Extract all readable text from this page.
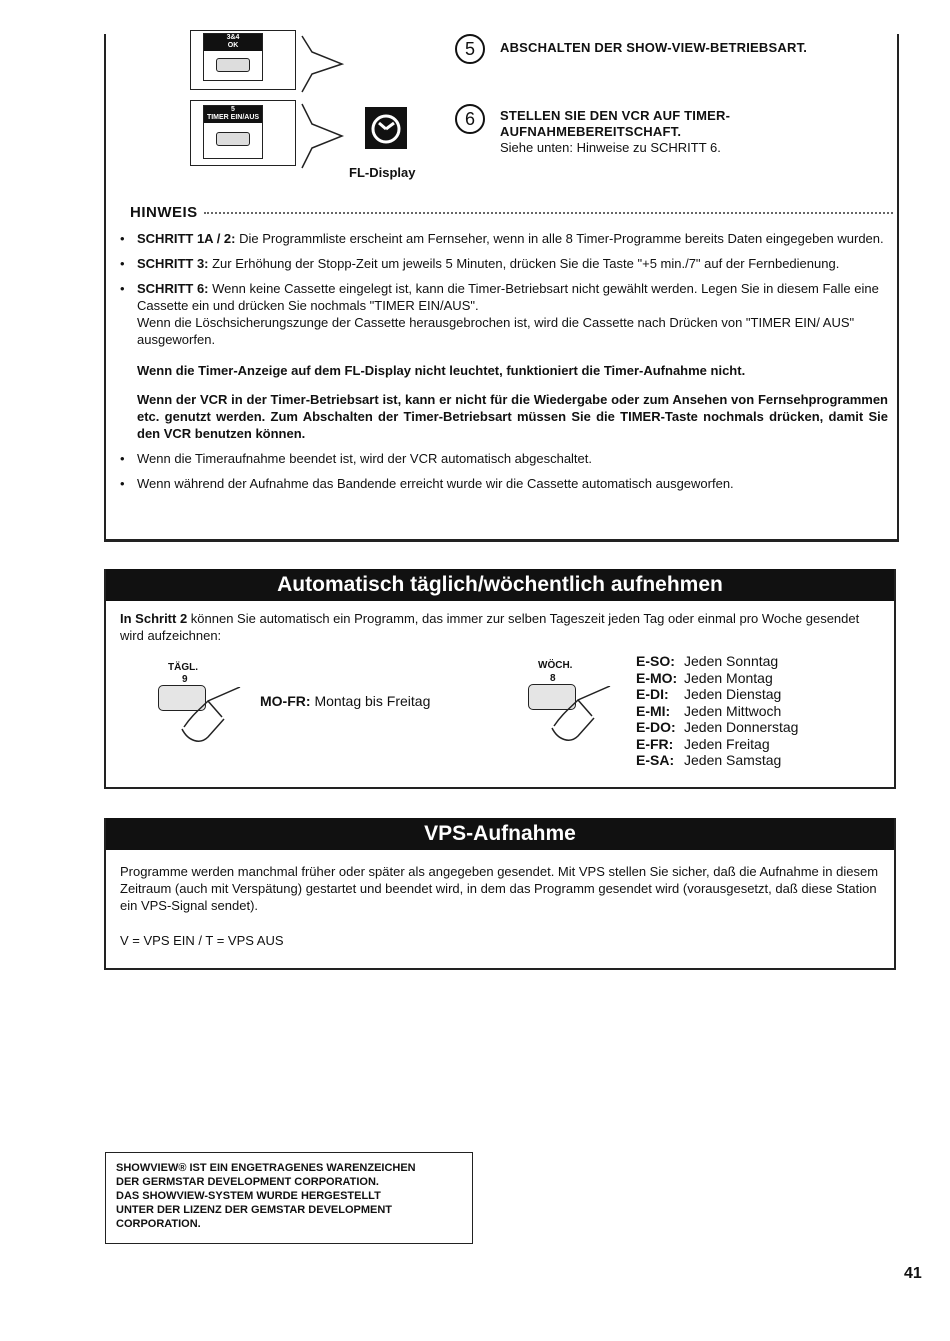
3&4
OK
5
TIMER EIN/AUS
FL-Display
5	ABSCHALTEN DER SHOW-VIEW-BETRIEBSART.
6	STELLEN SIE DEN VCR AUF TIMER-
AUFNAHMEBEREITSCHAFT.
Siehe unten: Hinweise zu SCHRITT 6.
HINWEIS
• SCHRITT 1A / 2: Die Programmliste erscheint am Fernseher, wenn in alle 8 Timer-Programme bereits Daten eingegeben wurden.
• SCHRITT 3: Zur Erhöhung der Stopp-Zeit um jeweils 5 Minuten, drücken Sie die Taste "+5 min./7" auf der Fernbedienung.
• SCHRITT 6: Wenn keine Cassette eingelegt ist, kann die Timer-Betriebsart nicht gewählt werden. Legen Sie in diesem Falle eine Cassette ein und drücken Sie nochmals "TIMER EIN/AUS".
Wenn die Löschsicherungszunge der Cassette herausgebrochen ist, wird die Cassette nach Drücken von "TIMER EIN/ AUS" ausgeworfen.
Wenn die Timer-Anzeige auf dem FL-Display nicht leuchtet, funktioniert die Timer-Aufnahme nicht.
Wenn der VCR in der Timer-Betriebsart ist, kann er nicht für die Wiedergabe oder zum Ansehen von Fernsehprogrammen etc. genutzt werden. Zum Abschalten der Timer-Betriebsart müssen Sie die TIMER-Taste nochmals drücken, damit Sie den VCR benutzen können.
• Wenn die Timeraufnahme beendet ist, wird der VCR automatisch abgeschaltet.
• Wenn während der Aufnahme das Bandende erreicht wurde wir die Cassette automatisch ausgeworfen.
Automatisch täglich/wöchentlich aufnehmen
In Schritt 2 können Sie automatisch ein Programm, das immer zur selben Tageszeit jeden Tag oder einmal pro Woche gesendet wird aufzeichnen:
TÄGL.
9
MO-FR: Montag bis Freitag
WÖCH.
8
E-SO: Jeden Sonntag
E-MO: Jeden Montag
E-DI: Jeden Dienstag
E-MI: Jeden Mittwoch
E-DO: Jeden Donnerstag
E-FR: Jeden Freitag
E-SA: Jeden Samstag
VPS-Aufnahme
Programme werden manchmal früher oder später als angegeben gesendet. Mit VPS stellen Sie sicher, daß die Aufnahme in diesem Zeitraum (auch mit Verspätung) gestartet und beendet wird, in dem das Programm gesendet wird (vorausgesetzt, daß diese Station ein VPS-Signal sendet).
V = VPS EIN / T = VPS AUS
SHOWVIEW® IST EIN ENGETRAGENES WARENZEICHEN
DER GERMSTAR DEVELOPMENT CORPORATION.
DAS SHOWVIEW-SYSTEM WURDE HERGESTELLT
UNTER DER LIZENZ DER GEMSTAR DEVELOPMENT
CORPORATION.
41
